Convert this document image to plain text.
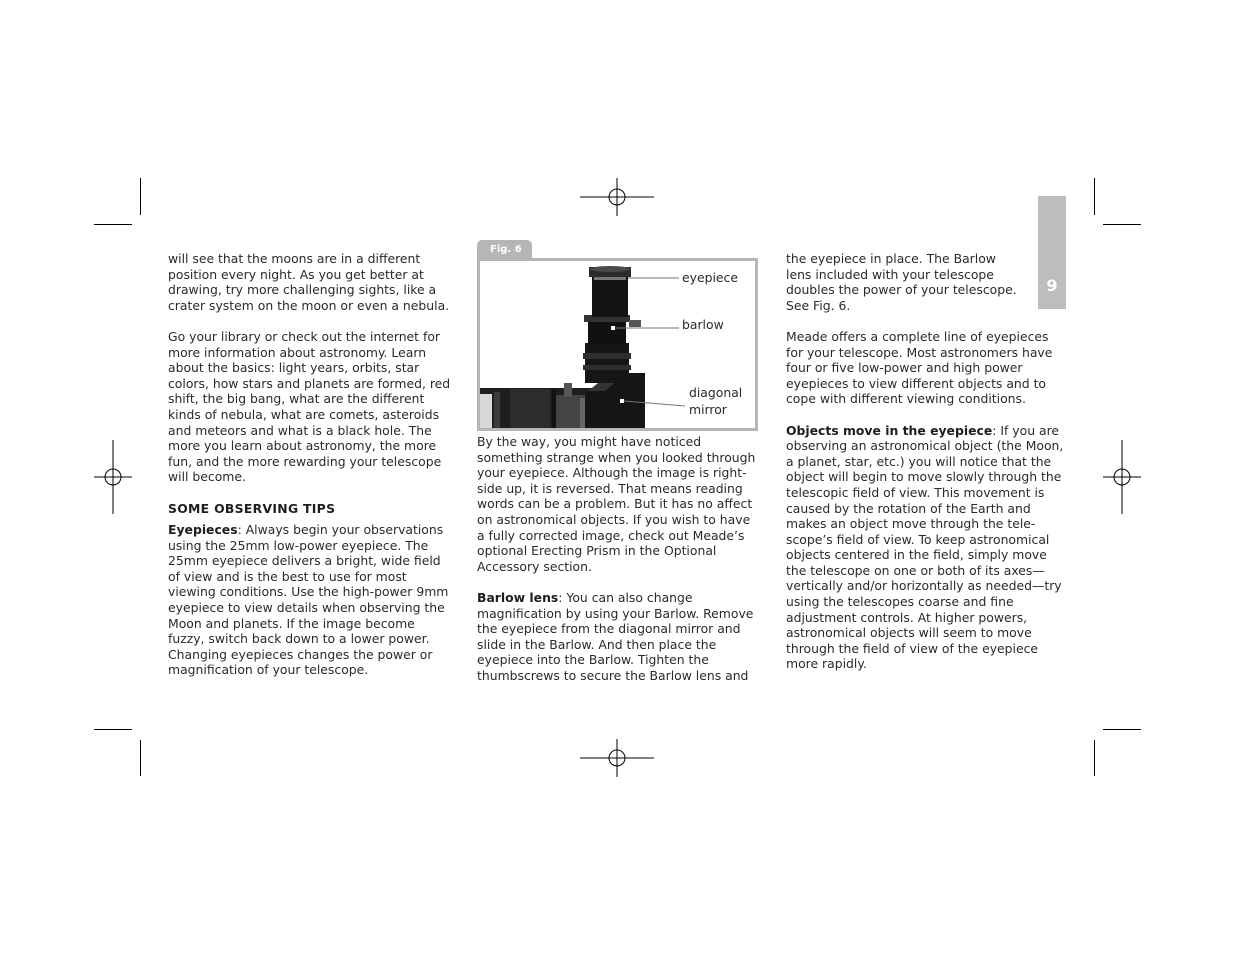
9

will see that the moons are in a different position every night. As you get better at drawing, try more challenging sights, like a crater system on the moon or even a nebula.

Go your library or check out the internet for more information about astronomy. Learn about the basics: light years, orbits, star colors, how stars and planets are formed, red shift, the big bang, what are the different kinds of nebula, what are comets, asteroids and meteors and what is a black hole. The more you learn about astronomy, the more fun, and the more rewarding your telescope will become.

SOME OBSERVING TIPS

Eyepieces: Always begin your observations using the 25mm low-power eyepiece. The 25mm eyepiece delivers a bright, wide field of view and is the best to use for most viewing conditions. Use the high-power 9mm eyepiece to view details when observing the Moon and planets. If the image become fuzzy, switch back down to a lower power. Changing eyepieces changes the power or magnification of your telescope.

Fig. 6
eyepiece
barlow
diagonal
mirror

By the way, you might have noticed something strange when you looked through your eyepiece. Although the image is right-side up, it is reversed. That means reading words can be a problem. But it has no affect on astronomical objects. If you wish to have a fully corrected image, check out Meade’s optional Erecting Prism in the Optional Accessory section.

Barlow lens: You can also change magnification by using your Barlow. Remove the eyepiece from the diagonal mirror and slide in the Barlow. And then place the eyepiece into the Barlow. Tighten the thumbscrews to secure the Barlow lens and

the eyepiece in place. The Barlow lens included with your telescope doubles the power of your telescope. See Fig. 6.

Meade offers a complete line of eyepieces for your telescope. Most astronomers have four or five low-power and high power eyepieces to view different objects and to cope with different viewing conditions.

Objects move in the eyepiece: If you are observing an astronomical object (the Moon, a planet, star, etc.) you will notice that the object will begin to move slowly through the telescopic field of view. This movement is caused by the rotation of the Earth and makes an object move through the tele-scope’s field of view. To keep astronomical objects centered in the field, simply move the telescope on one or both of its axes—vertically and/or horizontally as needed—try using the telescopes coarse and fine adjustment controls. At higher powers, astronomical objects will seem to move through the field of view of the eyepiece more rapidly.
